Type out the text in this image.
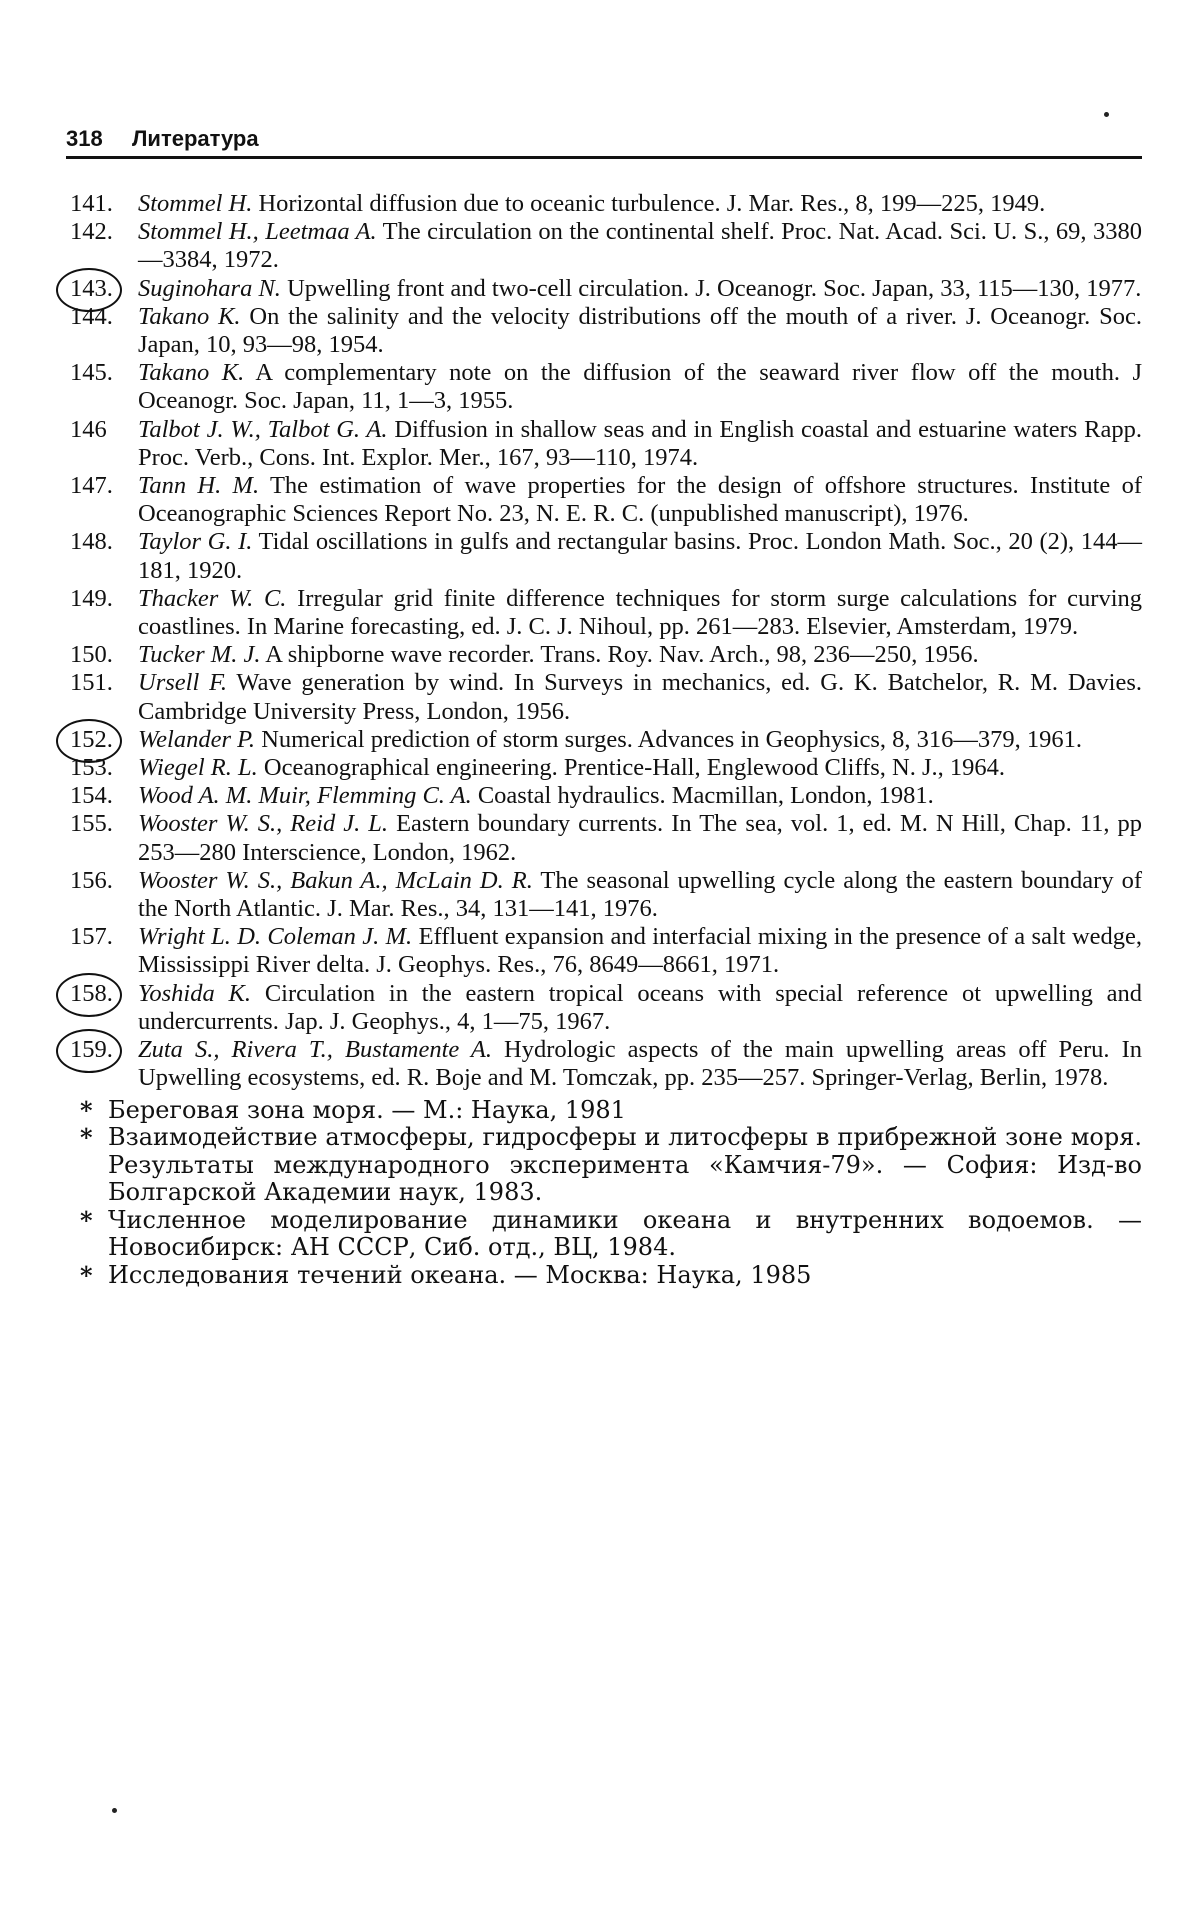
318 Литература
141.	Stommel H. Horizontal diffusion due to oceanic turbulence. J. Mar. Res., 8, 199—225, 1949.
142.	Stommel H., Leetmaa A. The circulation on the continental shelf. Proc. Nat. Acad. Sci. U. S., 69, 3380—3384, 1972.
143.	Suginohara N. Upwelling front and two-cell circulation. J. Oceanogr. Soc. Japan, 33, 115—130, 1977.
144.	Takano K. On the salinity and the velocity distributions off the mouth of a river. J. Oceanogr. Soc. Japan, 10, 93—98, 1954.
145.	Takano K. A complementary note on the diffusion of the seaward river flow off the mouth. J Oceanogr. Soc. Japan, 11, 1—3, 1955.
146	Talbot J. W., Talbot G. A. Diffusion in shallow seas and in English coastal and estuarine waters Rapp. Proc. Verb., Cons. Int. Explor. Mer., 167, 93—110, 1974.
147.	Tann H. M. The estimation of wave properties for the design of offshore structures. Institute of Oceanographic Sciences Report No. 23, N. E. R. C. (unpublished manuscript), 1976.
148.	Taylor G. I. Tidal oscillations in gulfs and rectangular basins. Proc. London Math. Soc., 20 (2), 144—181, 1920.
149.	Thacker W. C. Irregular grid finite difference techniques for storm surge calculations for curving coastlines. In Marine forecasting, ed. J. C. J. Nihoul, pp. 261—283. Elsevier, Amsterdam, 1979.
150.	Tucker M. J. A shipborne wave recorder. Trans. Roy. Nav. Arch., 98, 236—250, 1956.
151.	Ursell F. Wave generation by wind. In Surveys in mechanics, ed. G. K. Batchelor, R. M. Davies. Cambridge University Press, London, 1956.
152.	Welander P. Numerical prediction of storm surges. Advances in Geophysics, 8, 316—379, 1961.
153.	Wiegel R. L. Oceanographical engineering. Prentice-Hall, Englewood Cliffs, N. J., 1964.
154.	Wood A. M. Muir, Flemming C. A. Coastal hydraulics. Macmillan, London, 1981.
155.	Wooster W. S., Reid J. L. Eastern boundary currents. In The sea, vol. 1, ed. M. N Hill, Chap. 11, pp 253—280 Interscience, London, 1962.
156.	Wooster W. S., Bakun A., McLain D. R. The seasonal upwelling cycle along the eastern boundary of the North Atlantic. J. Mar. Res., 34, 131—141, 1976.
157.	Wright L. D. Coleman J. M. Effluent expansion and interfacial mixing in the presence of a salt wedge, Mississippi River delta. J. Geophys. Res., 76, 8649—8661, 1971.
158.	Yoshida K. Circulation in the eastern tropical oceans with special reference ot upwelling and undercurrents. Jap. J. Geophys., 4, 1—75, 1967.
159.	Zuta S., Rivera T., Bustamente A. Hydrologic aspects of the main upwelling areas off Peru. In Upwelling ecosystems, ed. R. Boje and M. Tomczak, pp. 235—257. Springer-Verlag, Berlin, 1978.
* Береговая зона моря. — М.: Наука, 1981
* Взаимодействие атмосферы, гидросферы и литосферы в прибрежной зоне моря. Результаты международного эксперимента «Камчия-79». — София: Изд-во Болгарской Академии наук, 1983.
* Численное моделирование динамики океана и внутренних водоемов. — Новосибирск: АН СССР, Сиб. отд., ВЦ, 1984.
* Исследования течений океана. — Москва: Наука, 1985
